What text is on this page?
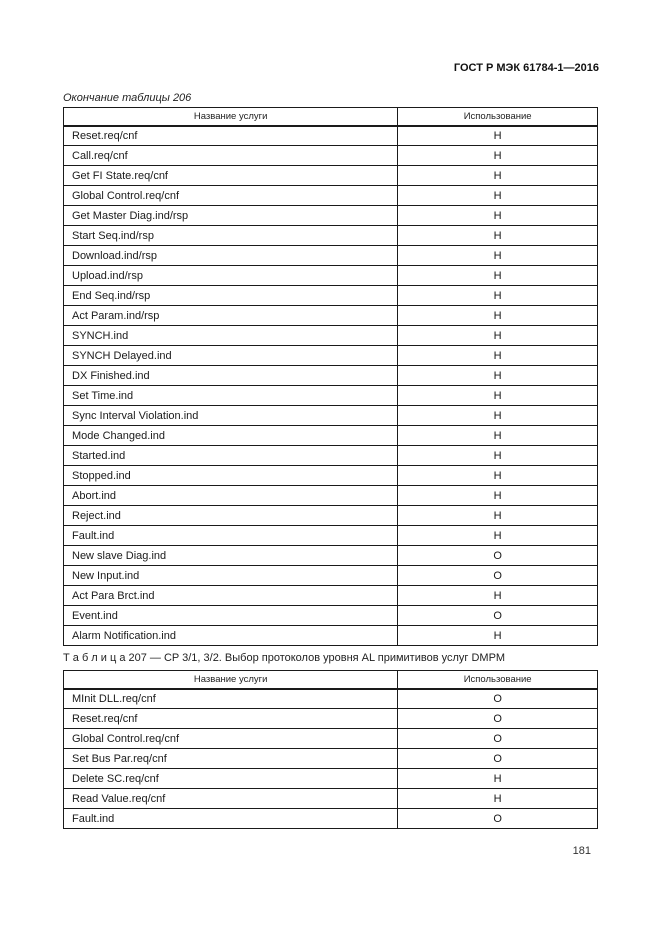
ГОСТ Р МЭК 61784-1—2016
Окончание таблицы 206
Название услуги	Использование
Reset.req/cnf	Н
Call.req/cnf	Н
Get FI State.req/cnf	Н
Global Control.req/cnf	Н
Get Master Diag.ind/rsp	Н
Start Seq.ind/rsp	Н
Download.ind/rsp	Н
Upload.ind/rsp	Н
End Seq.ind/rsp	Н
Act Param.ind/rsp	Н
SYNCH.ind	Н
SYNCH Delayed.ind	Н
DX Finished.ind	Н
Set Time.ind	Н
Sync Interval Violation.ind	Н
Mode Changed.ind	Н
Started.ind	Н
Stopped.ind	Н
Abort.ind	Н
Reject.ind	Н
Fault.ind	Н
New slave Diag.ind	О
New Input.ind	О
Act Para Brct.ind	Н
Event.ind	О
Alarm Notification.ind	Н
Т а б л и ц а 207 — CP 3/1, 3/2. Выбор протоколов уровня AL примитивов услуг DMPM
Название услуги	Использование
MInit DLL.req/cnf	О
Reset.req/cnf	О
Global Control.req/cnf	О
Set Bus Par.req/cnf	О
Delete SC.req/cnf	Н
Read Value.req/cnf	Н
Fault.ind	О
181
